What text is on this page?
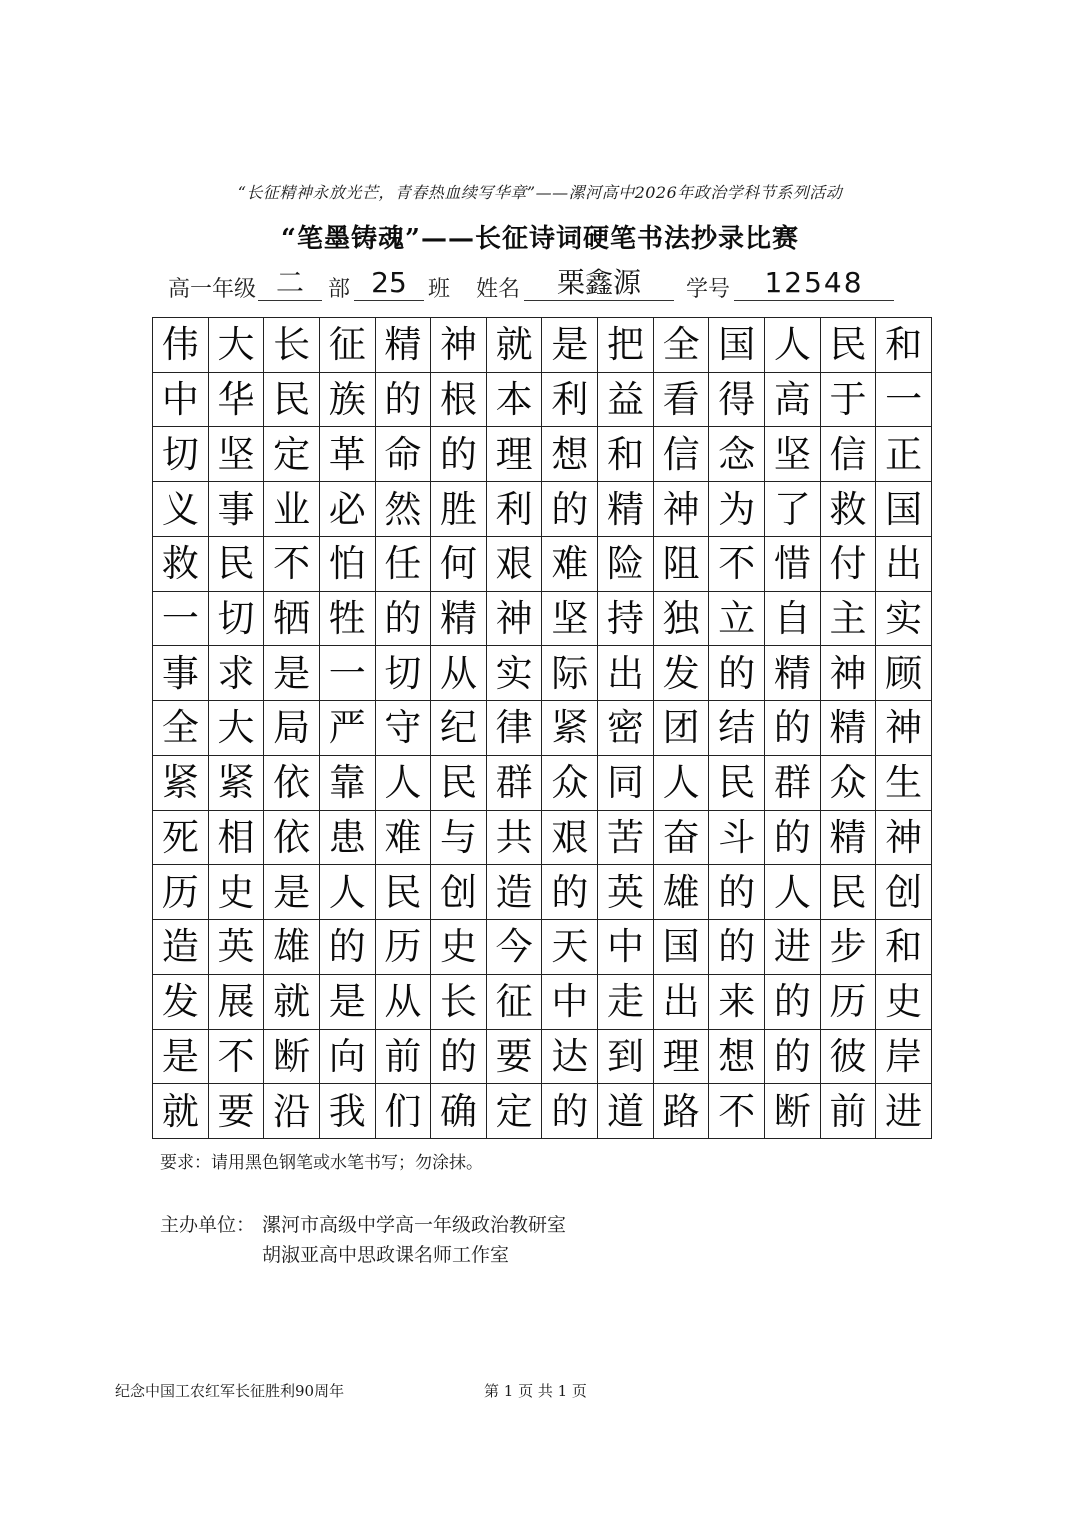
“长征精神永放光芒，青春热血续写华章”——漯河高中2026年政治学科节系列活动
“笔墨铸魂”——长征诗词硬笔书法抄录比赛
高一年级 二	部 25 班 姓名	栗鑫源	学号	12548
伟 大 长 征 精 神 就 是 把 全 国 人 民 和
中 华 民 族 的 根 本 利 益 看 得 高 于 一
切 坚 定 革 命 的 理 想 和 信 念 坚 信 正
义 事 业 必 然 胜 利 的 精 神 为 了 救 国
救 民 不 怕 任 何 艰 难 险 阻 不 惜 付 出
一 切 牺 牲 的 精 神 坚 持 独 立 自 主 实
事 求 是 一 切 从 实 际 出 发 的 精 神 顾
全 大 局 严 守 纪 律 紧 密 团 结 的 精 神
紧 紧 依 靠 人 民 群 众 同 人 民 群 众 生
死 相 依 患 难 与 共 艰 苦 奋 斗 的 精 神
历 史 是 人 民 创 造 的 英 雄 的 人 民 创
造 英 雄 的 历 史 今 天 中 国 的 进 步 和
发 展 就 是 从 长 征 中 走 出 来 的 历 史
是 不 断 向 前 的 要 达 到 理 想 的 彼 岸
就 要 沿 我 们 确 定 的 道 路 不 断 前 进
要求：请用黑色钢笔或水笔书写；勿涂抹。
主办单位： 漯河市高级中学高一年级政治教研室
胡淑亚高中思政课名师工作室
纪念中国工农红军长征胜利90周年	第 1 页 共 1 页
